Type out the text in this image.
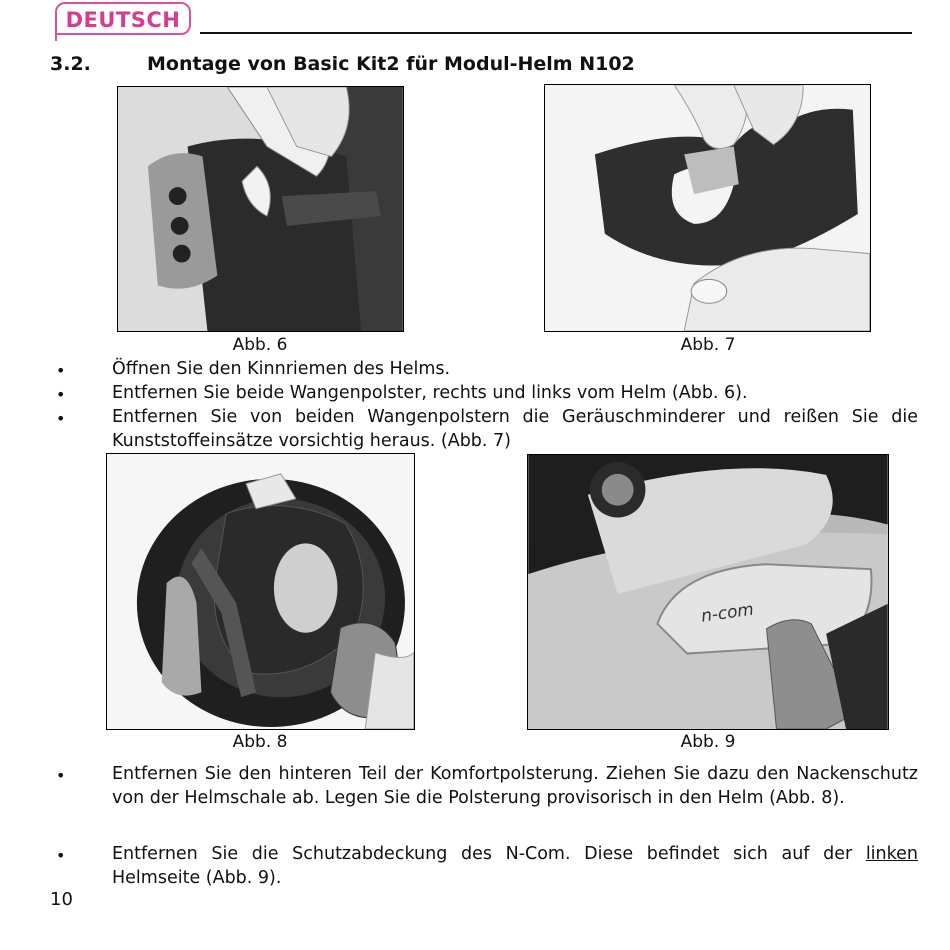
DEUTSCH
3.2.	Montage von Basic Kit2 für Modul-Helm N102
Abb. 6	Abb. 7
•	Öffnen Sie den Kinnriemen des Helms.
•	Entfernen Sie beide Wangenpolster, rechts und links vom Helm (Abb. 6).
•	Entfernen Sie von beiden Wangenpolstern die Geräuschminderer und reißen Sie die Kunststoffeinsätze vorsichtig heraus. (Abb. 7)
n-com
Abb. 8	Abb. 9
•	Entfernen Sie den hinteren Teil der Komfortpolsterung. Ziehen Sie dazu den Nackenschutz von der Helmschale ab. Legen Sie die Polsterung provisorisch in den Helm (Abb. 8).
•	Entfernen Sie die Schutzabdeckung des N-Com. Diese befindet sich auf der linken Helmseite (Abb. 9).
10
